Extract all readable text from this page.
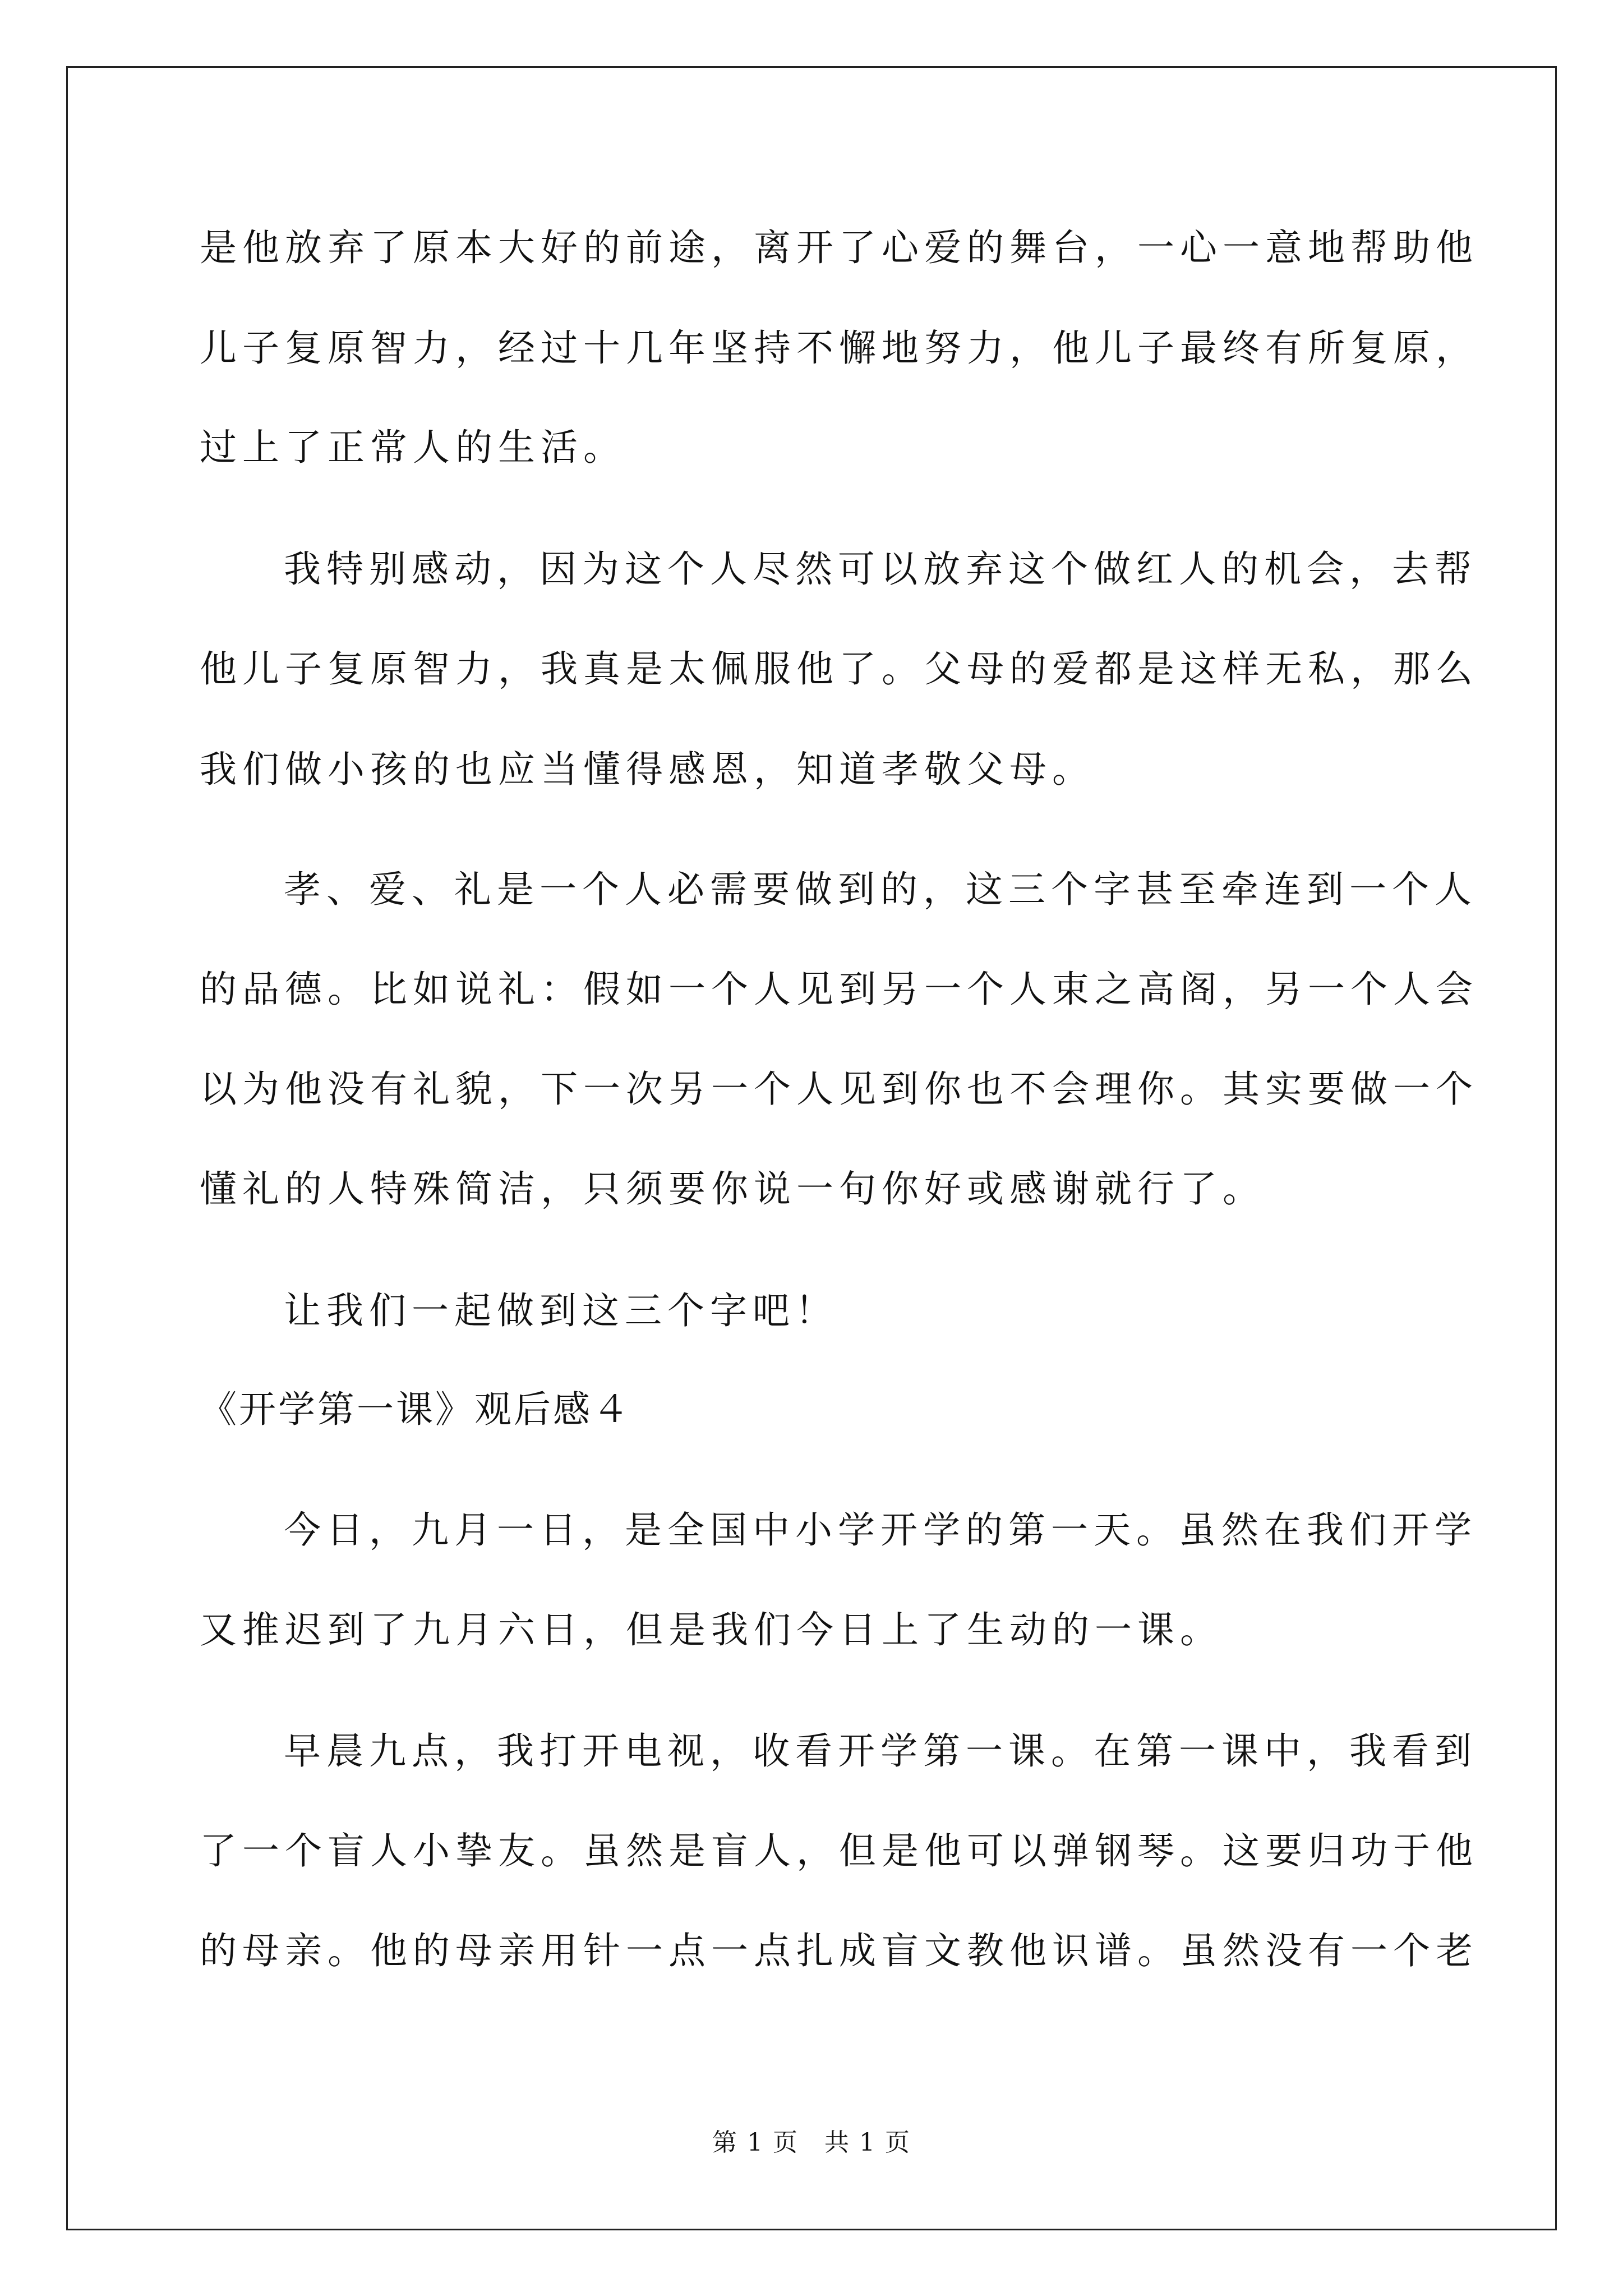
是他放弃了原本大好的前途，离开了心爱的舞台，一心一意地帮助他
儿子复原智力，经过十几年坚持不懈地努力，他儿子最终有所复原，
过上了正常人的生活。
我特别感动，因为这个人尽然可以放弃这个做红人的机会，去帮
他儿子复原智力，我真是太佩服他了。父母的爱都是这样无私，那么
我们做小孩的也应当懂得感恩，知道孝敬父母。
孝、爱、礼是一个人必需要做到的，这三个字甚至牵连到一个人
的品德。比如说礼：假如一个人见到另一个人束之高阁，另一个人会
以为他没有礼貌，下一次另一个人见到你也不会理你。其实要做一个
懂礼的人特殊简洁，只须要你说一句你好或感谢就行了。
让我们一起做到这三个字吧！
《开学第一课》观后感４
今日，九月一日，是全国中小学开学的第一天。虽然在我们开学
又推迟到了九月六日，但是我们今日上了生动的一课。
早晨九点，我打开电视，收看开学第一课。在第一课中，我看到
了一个盲人小挚友。虽然是盲人，但是他可以弹钢琴。这要归功于他
的母亲。他的母亲用针一点一点扎成盲文教他识谱。虽然没有一个老
第 1 页　共 1 页
